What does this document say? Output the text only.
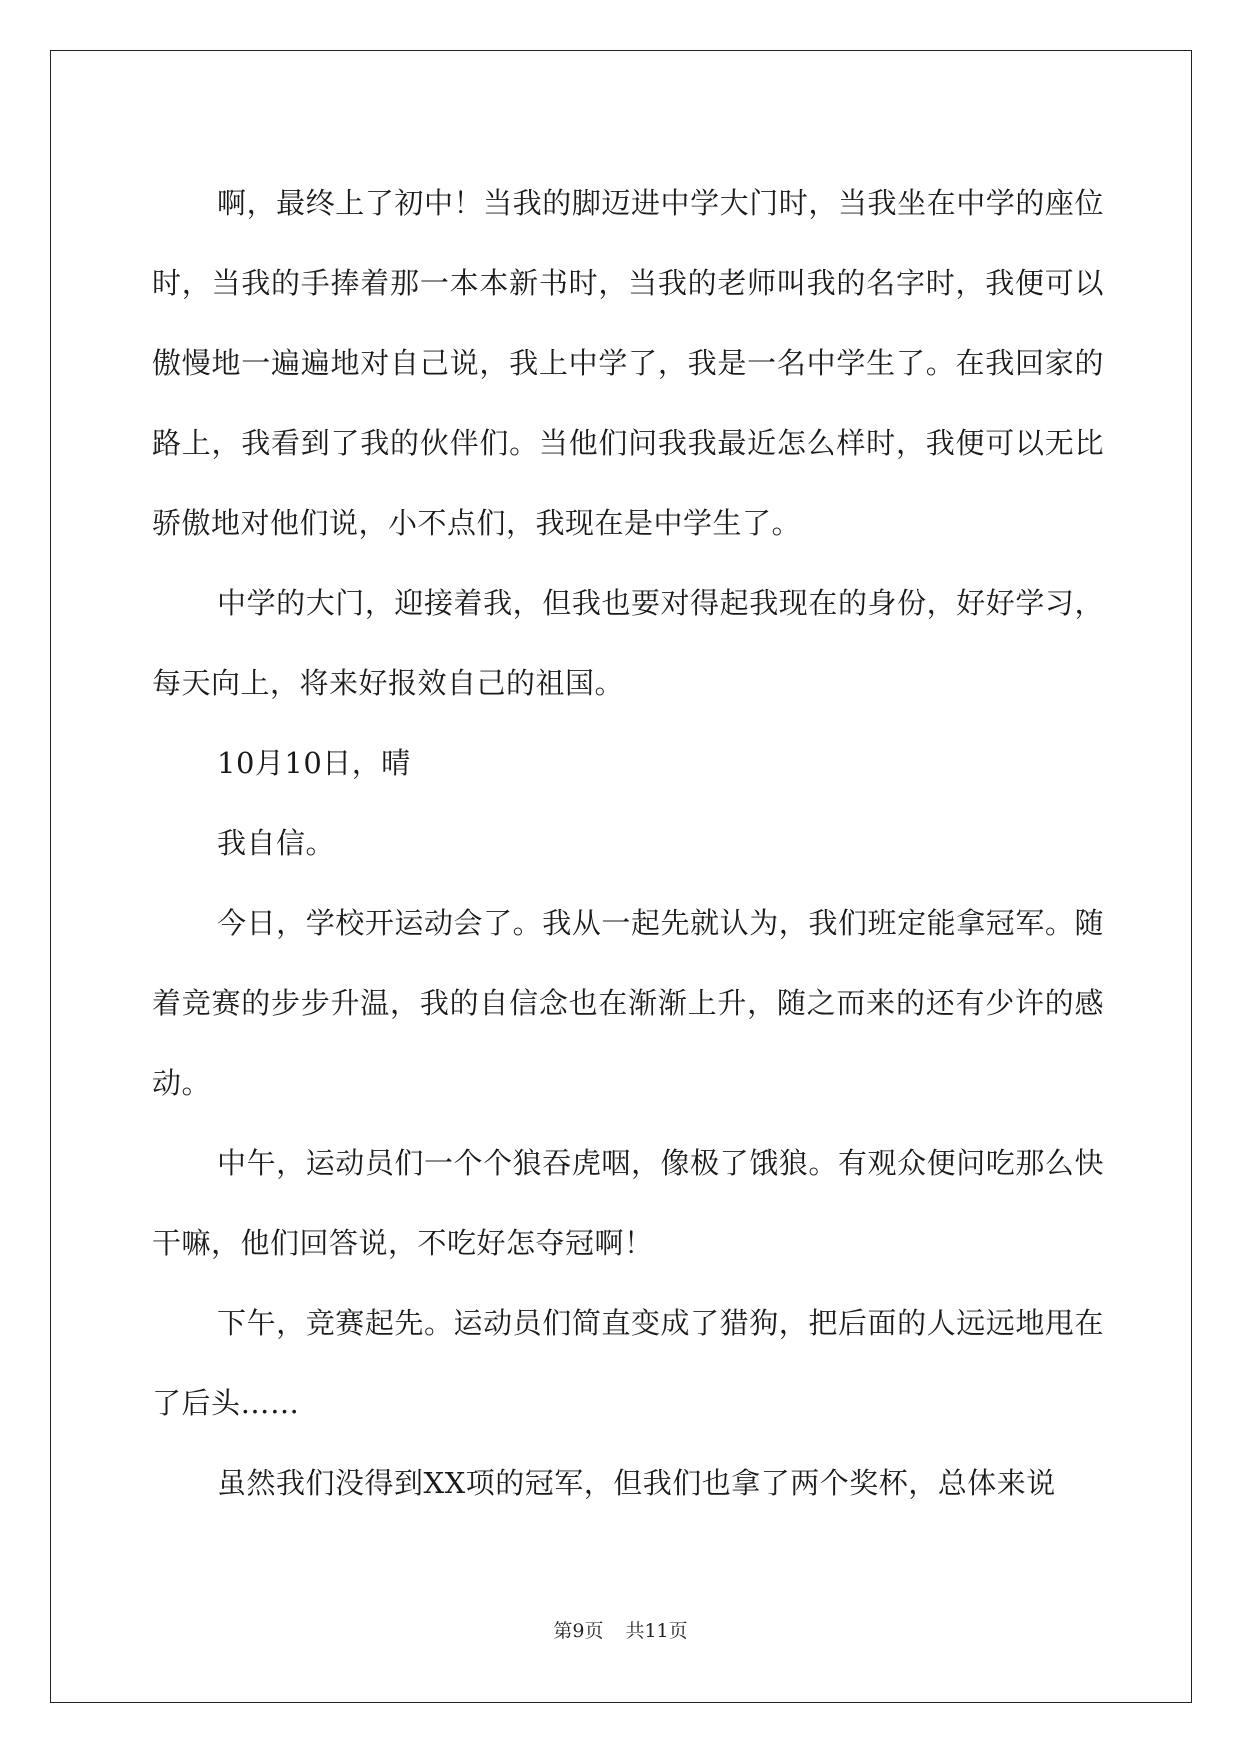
啊，最终上了初中！当我的脚迈进中学大门时，当我坐在中学的座位时，当我的手捧着那一本本新书时，当我的老师叫我的名字时，我便可以傲慢地一遍遍地对自己说，我上中学了，我是一名中学生了。在我回家的路上，我看到了我的伙伴们。当他们问我我最近怎么样时，我便可以无比骄傲地对他们说，小不点们，我现在是中学生了。

中学的大门，迎接着我，但我也要对得起我现在的身份，好好学习，每天向上，将来好报效自己的祖国。

10月10日，晴

我自信。

今日，学校开运动会了。我从一起先就认为，我们班定能拿冠军。随着竞赛的步步升温，我的自信念也在渐渐上升，随之而来的还有少许的感动。

中午，运动员们一个个狼吞虎咽，像极了饿狼。有观众便问吃那么快干嘛，他们回答说，不吃好怎夺冠啊！

下午，竞赛起先。运动员们简直变成了猎狗，把后面的人远远地甩在了后头……

虽然我们没得到XX项的冠军，但我们也拿了两个奖杯，总体来说

第9页 共11页
